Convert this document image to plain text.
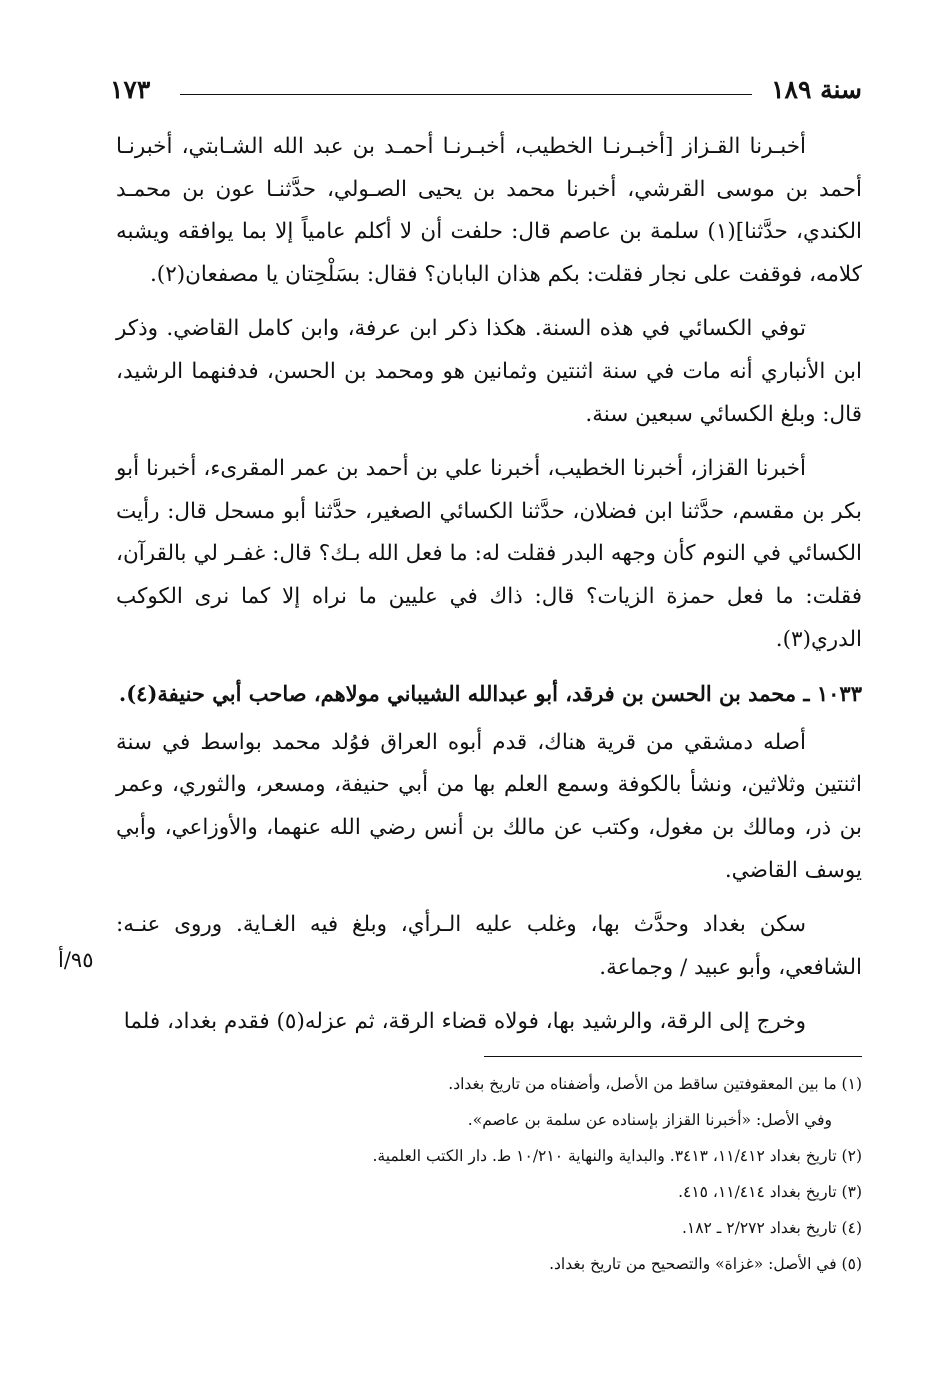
سنة ١٨٩
١٧٣

أخبـرنا القـزاز [أخبـرنـا الخطيب، أخبـرنـا أحمـد بن عبد الله الشـابتي، أخبرنـا أحمد بن موسى القرشي، أخبرنا محمد بن يحيى الصـولي، حدَّثنـا عون بن محمـد الكندي، حدَّثنا](١) سلمة بن عاصم قال: حلفت أن لا أكلم عامياً إلا بما يوافقه ويشبه كلامه، فوقفت على نجار فقلت: بكم هذان البابان؟ فقال: بسَلْحِتان يا مصفعان(٢).

توفي الكسائي في هذه السنة. هكذا ذكر ابن عرفة، وابن كامل القاضي. وذكر ابن الأنباري أنه مات في سنة اثنتين وثمانين هو ومحمد بن الحسن، فدفنهما الرشيد، قال: وبلغ الكسائي سبعين سنة.

أخبرنا القزاز، أخبرنا الخطيب، أخبرنا علي بن أحمد بن عمر المقرىء، أخبرنا أبو بكر بن مقسم، حدَّثنا ابن فضلان، حدَّثنا الكسائي الصغير، حدَّثنا أبو مسحل قال: رأيت الكسائي في النوم كأن وجهه البدر فقلت له: ما فعل الله بـك؟ قال: غفـر لي بالقرآن، فقلت: ما فعل حمزة الزيات؟ قال: ذاك في عليين ما نراه إلا كما نرى الكوكب الدري(٣).

١٠٣٣ ـ محمد بن الحسن بن فرقد، أبو عبدالله الشيباني مولاهم، صاحب أبي حنيفة(٤).

أصله دمشقي من قرية هناك، قدم أبوه العراق فوُلد محمد بواسط في سنة اثنتين وثلاثين، ونشأ بالكوفة وسمع العلم بها من أبي حنيفة، ومسعر، والثوري، وعمر بن ذر، ومالك بن مغول، وكتب عن مالك بن أنس رضي الله عنهما، والأوزاعي، وأبي يوسف القاضي.

سكن بغداد وحدَّث بها، وغلب عليه الـرأي، وبلغ فيه الغـاية. وروى عنـه: الشافعي، وأبو عبيد / وجماعة.

وخرج إلى الرقة، والرشيد بها، فولاه قضاء الرقة، ثم عزله(٥) فقدم بغداد، فلما

٩٥/أ

(١) ما بين المعقوفتين ساقط من الأصل، وأضفناه من تاريخ بغداد.

وفي الأصل: «أخبرنا القزاز بإسناده عن سلمة بن عاصم».

(٢) تاريخ بغداد ١١/٤١٢، ٣٤١٣. والبداية والنهاية ١٠/٢١٠ ط. دار الكتب العلمية.

(٣) تاريخ بغداد ١١/٤١٤، ٤١٥.

(٤) تاريخ بغداد ٢/٢٧٢ ـ ١٨٢.

(٥) في الأصل: «غزاة» والتصحيح من تاريخ بغداد.
